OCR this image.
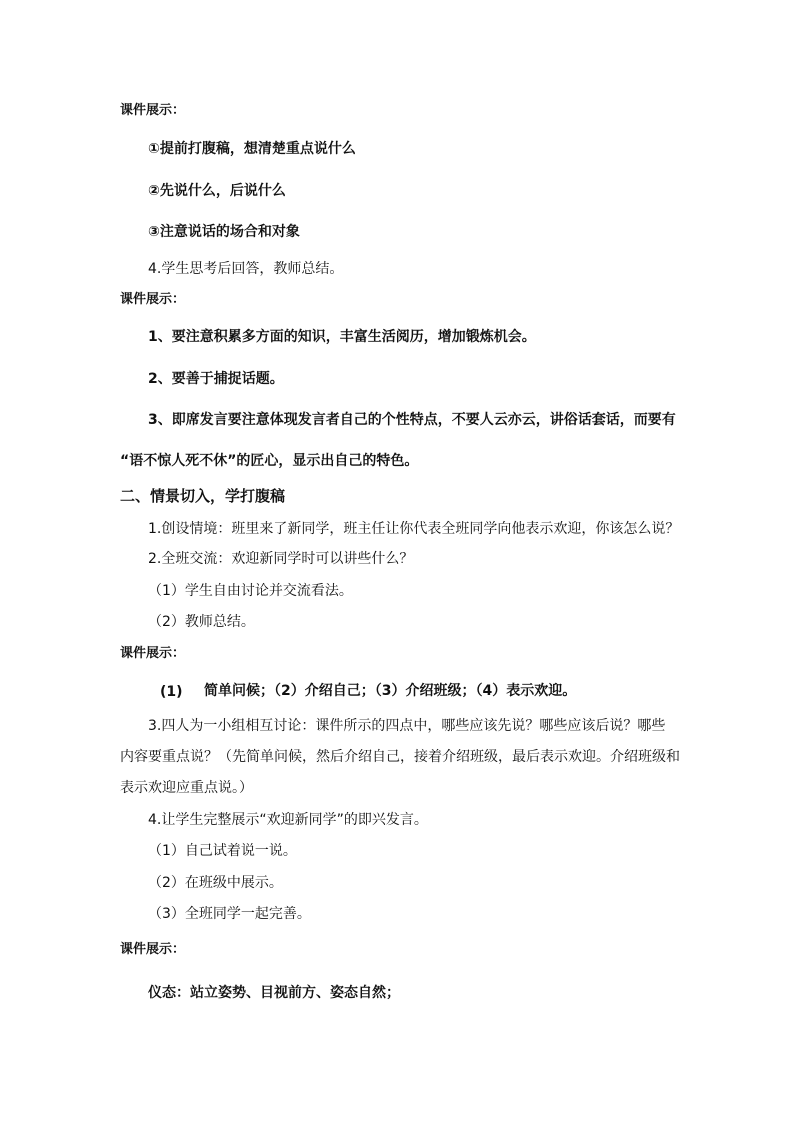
课件展示：
①提前打腹稿，想清楚重点说什么
②先说什么，后说什么
③注意说话的场合和对象
4.学生思考后回答，教师总结。
课件展示：
1、要注意积累多方面的知识，丰富生活阅历，增加锻炼机会。
2、要善于捕捉话题。
3、即席发言要注意体现发言者自己的个性特点，不要人云亦云，讲俗话套话，而要有
“语不惊人死不休”的匠心，显示出自己的特色。
二、情景切入，学打腹稿
1.创设情境：班里来了新同学，班主任让你代表全班同学向他表示欢迎，你该怎么说？
2.全班交流：欢迎新同学时可以讲些什么？
（1）学生自由讨论并交流看法。
（2）教师总结。
课件展示：
(1) 简单问候；（2）介绍自己；（3）介绍班级；（4）表示欢迎。
3.四人为一小组相互讨论：课件所示的四点中，哪些应该先说？哪些应该后说？哪些
内容要重点说？（先简单问候，然后介绍自己，接着介绍班级，最后表示欢迎。介绍班级和
表示欢迎应重点说。）
4.让学生完整展示“欢迎新同学”的即兴发言。
（1）自己试着说一说。
（2）在班级中展示。
（3）全班同学一起完善。
课件展示：
仪态：站立姿势、目视前方、姿态自然；
